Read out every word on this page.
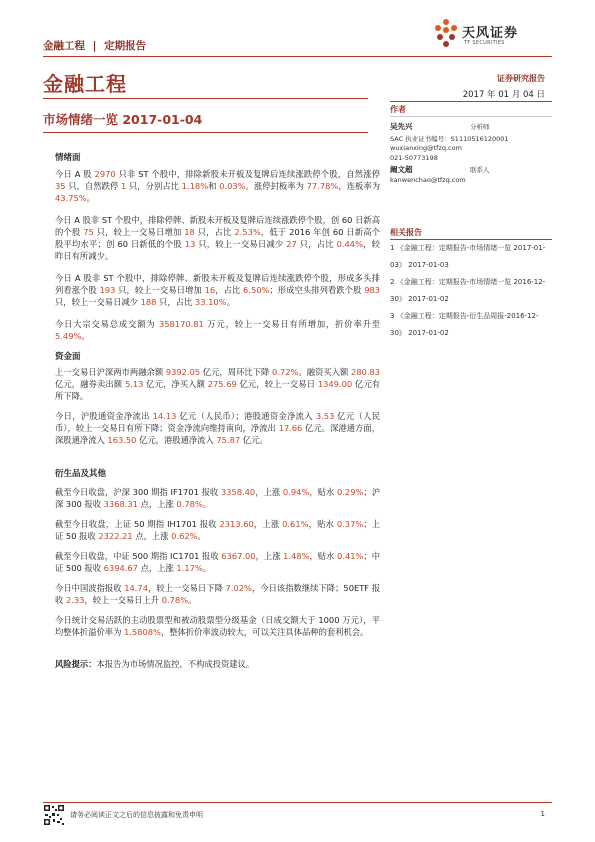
金融工程 | 定期报告
天风证券
TF SECURITIES
金融工程
市场情绪一览 2017-01-04
证券研究报告
2017 年 01 月 04 日
作者
吴先兴	分析师
SAC 执业证书编号：S1110516120001
wuxianxing@tfzq.com
021-50773198
阚文超	联系人
kanwenchao@tfzq.com
相关报告
1 《金融工程：定期报告-市场情绪一览 2017-01-03》 2017-01-03
2 《金融工程：定期报告-市场情绪一览 2016-12-30》 2017-01-02
3 《金融工程：定期报告-衍生品周报-2016-12-30》 2017-01-02
情绪面
今日 A 股 2970 只非 ST 个股中，排除新股未开板及复牌后连续涨跌停个股，自然涨停 35 只，自然跌停 1 只，分别占比 1.18%和 0.03%。涨停封板率为 77.78%，连板率为 43.75%。
今日 A 股非 ST 个股中，排除停牌、新股未开板及复牌后连续涨跌停个股，创 60 日新高的个股 75 只，较上一交易日增加 18 只，占比 2.53%，低于 2016 年创 60 日新高个股平均水平；创 60 日新低的个股 13 只，较上一交易日减少 27 只，占比 0.44%，较昨日有所减少。
今日 A 股非 ST 个股中，排除停牌、新股未开板及复牌后连续涨跌停个股，形成多头排列看涨个股 193 只，较上一交易日增加 16，占比 6.50%；形成空头排列看跌个股 983 只，较上一交易日减少 188 只，占比 33.10%。
今日大宗交易总成交额为 358170.81 万元，较上一交易日有所增加，折价率升至 5.49%。
资金面
上一交易日沪深两市两融余额 9392.05 亿元，周环比下降 0.72%。融资买入额 280.83 亿元，融券卖出额 5.13 亿元，净买入额 275.69 亿元，较上一交易日 1349.00 亿元有所下降。
今日，沪股通资金净流出 14.13 亿元（人民币）；港股通资金净流入 3.53 亿元（人民币），较上一交易日有所下降；资金净流向维持南向，净流出 17.66 亿元。深港通方面，深股通净流入 163.50 亿元，港股通净流入 75.87 亿元。
衍生品及其他
截至今日收盘，沪深 300 期指 IF1701 报收 3358.40，上涨 0.94%，贴水 0.29%；沪深 300 报收 3368.31 点，上涨 0.78%。
截至今日收盘，上证 50 期指 IH1701 报收 2313.60，上涨 0.61%，贴水 0.37%；上证 50 报收 2322.21 点，上涨 0.62%。
截至今日收盘，中证 500 期指 IC1701 报收 6367.00，上涨 1.48%，贴水 0.41%；中证 500 报收 6394.67 点，上涨 1.17%。
今日中国波指报收 14.74，较上一交易日下降 7.02%，今日该指数继续下降；50ETF 报收 2.33，较上一交易日上升 0.78%。
今日统计交易活跃的主动股票型和被动股票型分级基金（日成交额大于 1000 万元），平均整体折溢价率为 1.5808%，整体折价率波动较大，可以关注具体品种的套利机会。
风险提示：本报告为市场情况监控，不构成投资建议。
请务必阅读正文之后的信息披露和免责申明	1
